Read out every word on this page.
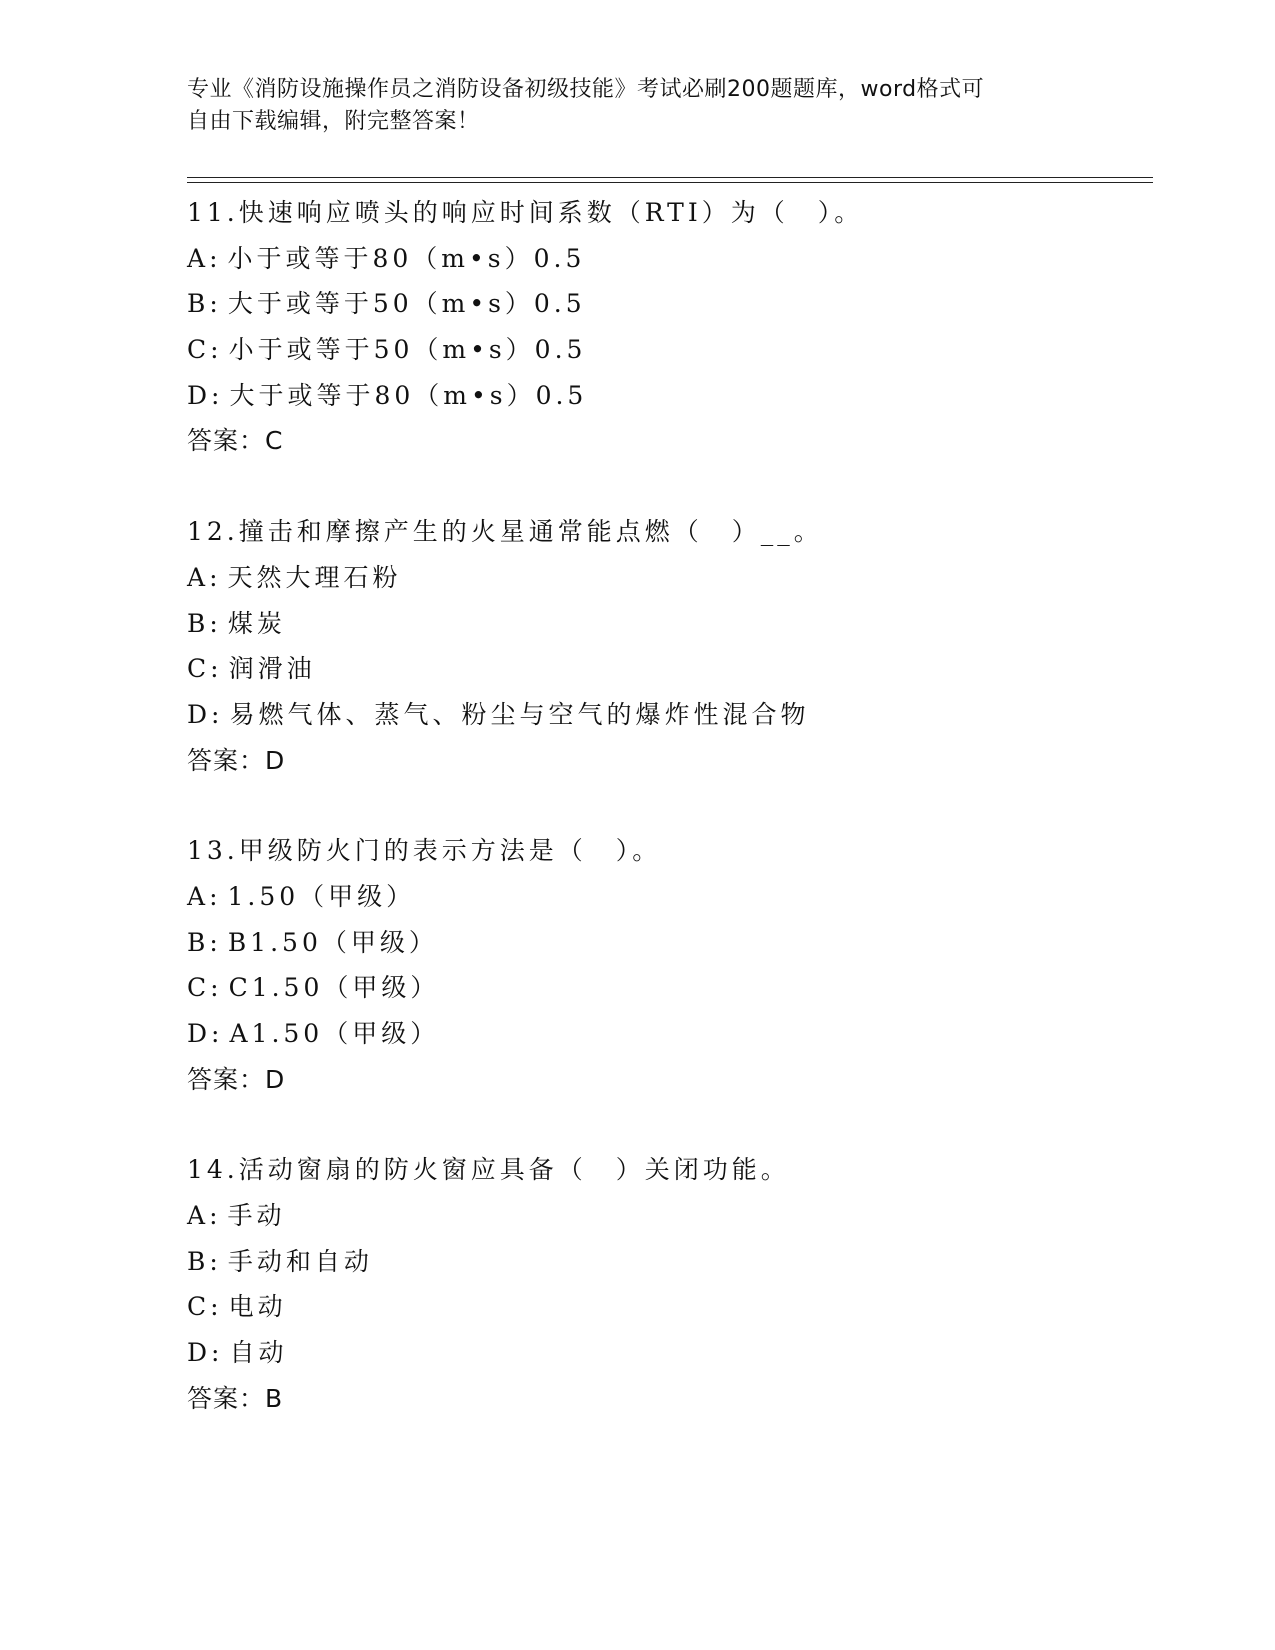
专业《消防设施操作员之消防设备初级技能》考试必刷200题题库，word格式可
自由下载编辑，附完整答案！
11.快速响应喷头的响应时间系数（RTI）为（　）。
A: 小于或等于80（m•s）0.5
B: 大于或等于50（m•s）0.5
C: 小于或等于50（m•s）0.5
D: 大于或等于80（m•s）0.5
答案：C
12.撞击和摩擦产生的火星通常能点燃（　）__。
A: 天然大理石粉
B: 煤炭
C: 润滑油
D: 易燃气体、蒸气、粉尘与空气的爆炸性混合物
答案：D
13.甲级防火门的表示方法是（　）。
A: 1.50（甲级）
B: B1.50（甲级）
C: C1.50（甲级）
D: A1.50（甲级）
答案：D
14.活动窗扇的防火窗应具备（　）关闭功能。
A: 手动
B: 手动和自动
C: 电动
D: 自动
答案：B
